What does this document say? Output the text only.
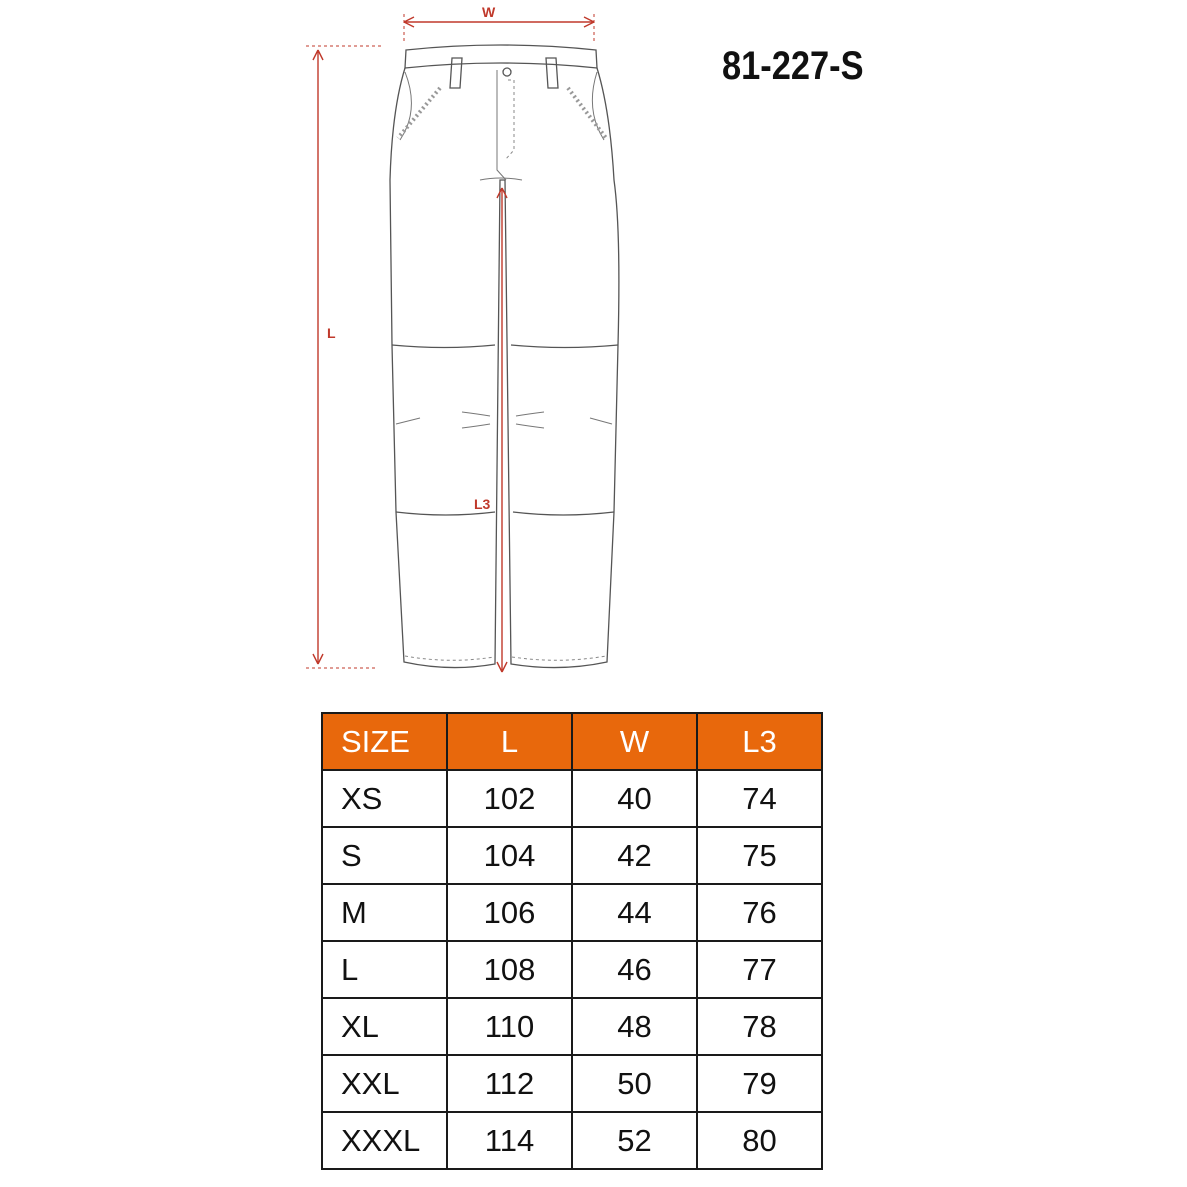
W
L
L3
81-227-S
SIZE	L	W	L3
XS	102	40	74
S	104	42	75
M	106	44	76
L	108	46	77
XL	110	48	78
XXL	112	50	79
XXXL	114	52	80
